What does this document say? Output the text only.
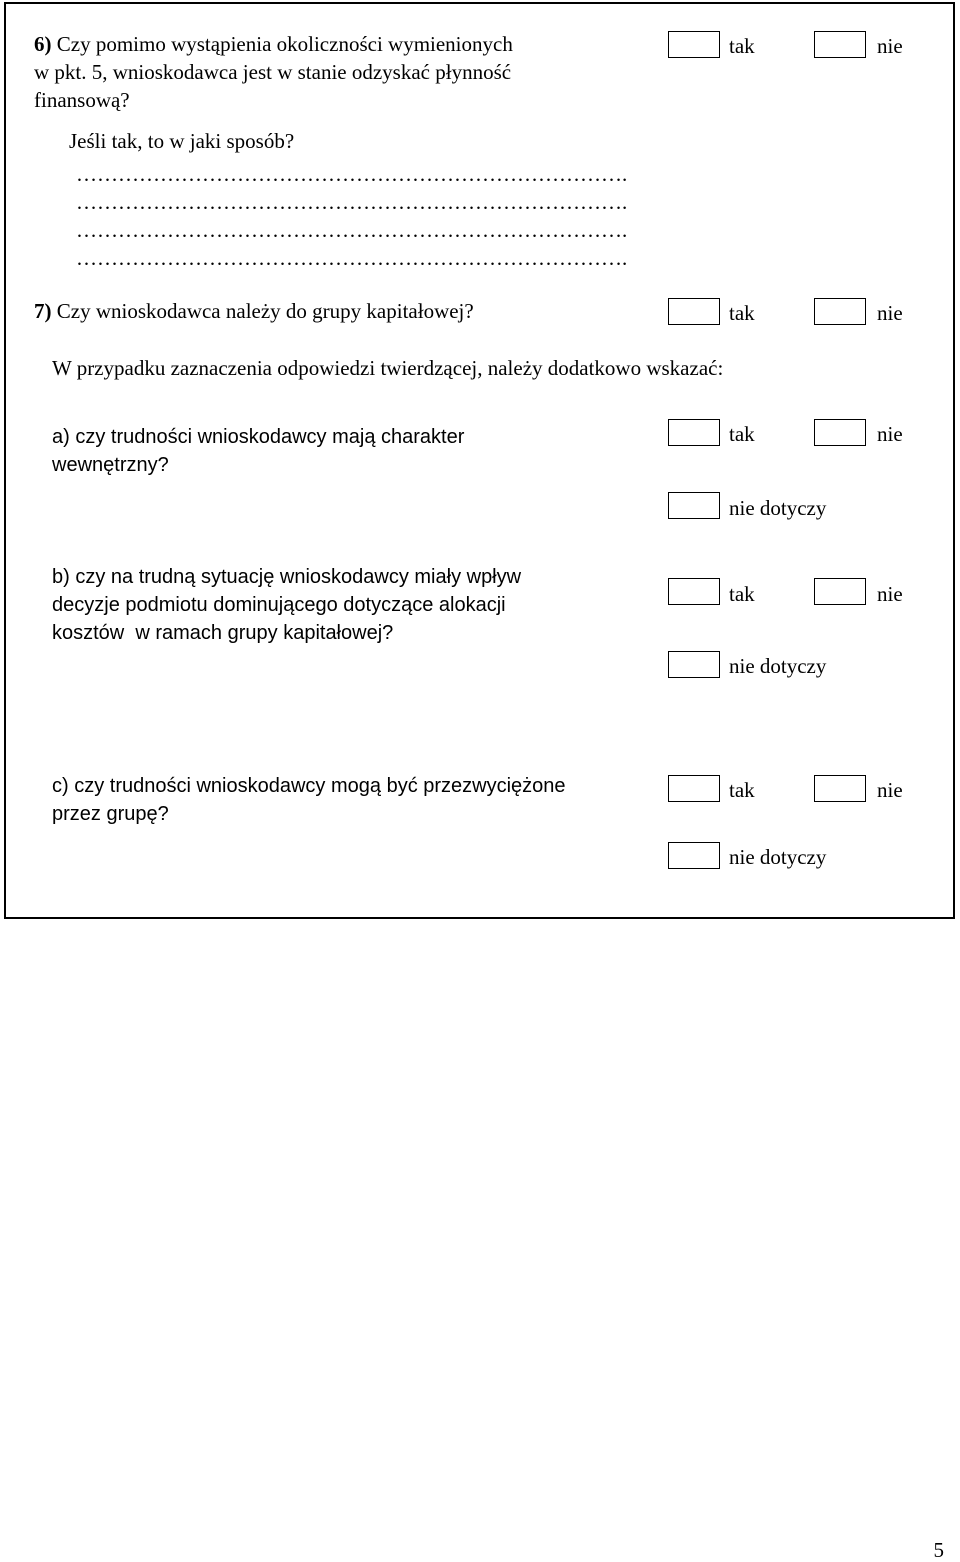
6) Czy pomimo wystąpienia okoliczności wymienionych
w pkt. 5, wnioskodawca jest w stanie odzyskać płynność
finansową?
tak	nie
Jeśli tak, to w jaki sposób?
…………………………………………………………………….
…………………………………………………………………….
…………………………………………………………………….
…………………………………………………………………….
7) Czy wnioskodawca należy do grupy kapitałowej?	tak	nie
W przypadku zaznaczenia odpowiedzi twierdzącej, należy dodatkowo wskazać:
a) czy trudności wnioskodawcy mają charakter
wewnętrzny?
tak	nie
nie dotyczy
b) czy na trudną sytuację wnioskodawcy miały wpływ
decyzje podmiotu dominującego dotyczące alokacji
kosztów  w ramach grupy kapitałowej?
tak	nie
nie dotyczy
c) czy trudności wnioskodawcy mogą być przezwyciężone
przez grupę?
tak	nie
nie dotyczy
5
